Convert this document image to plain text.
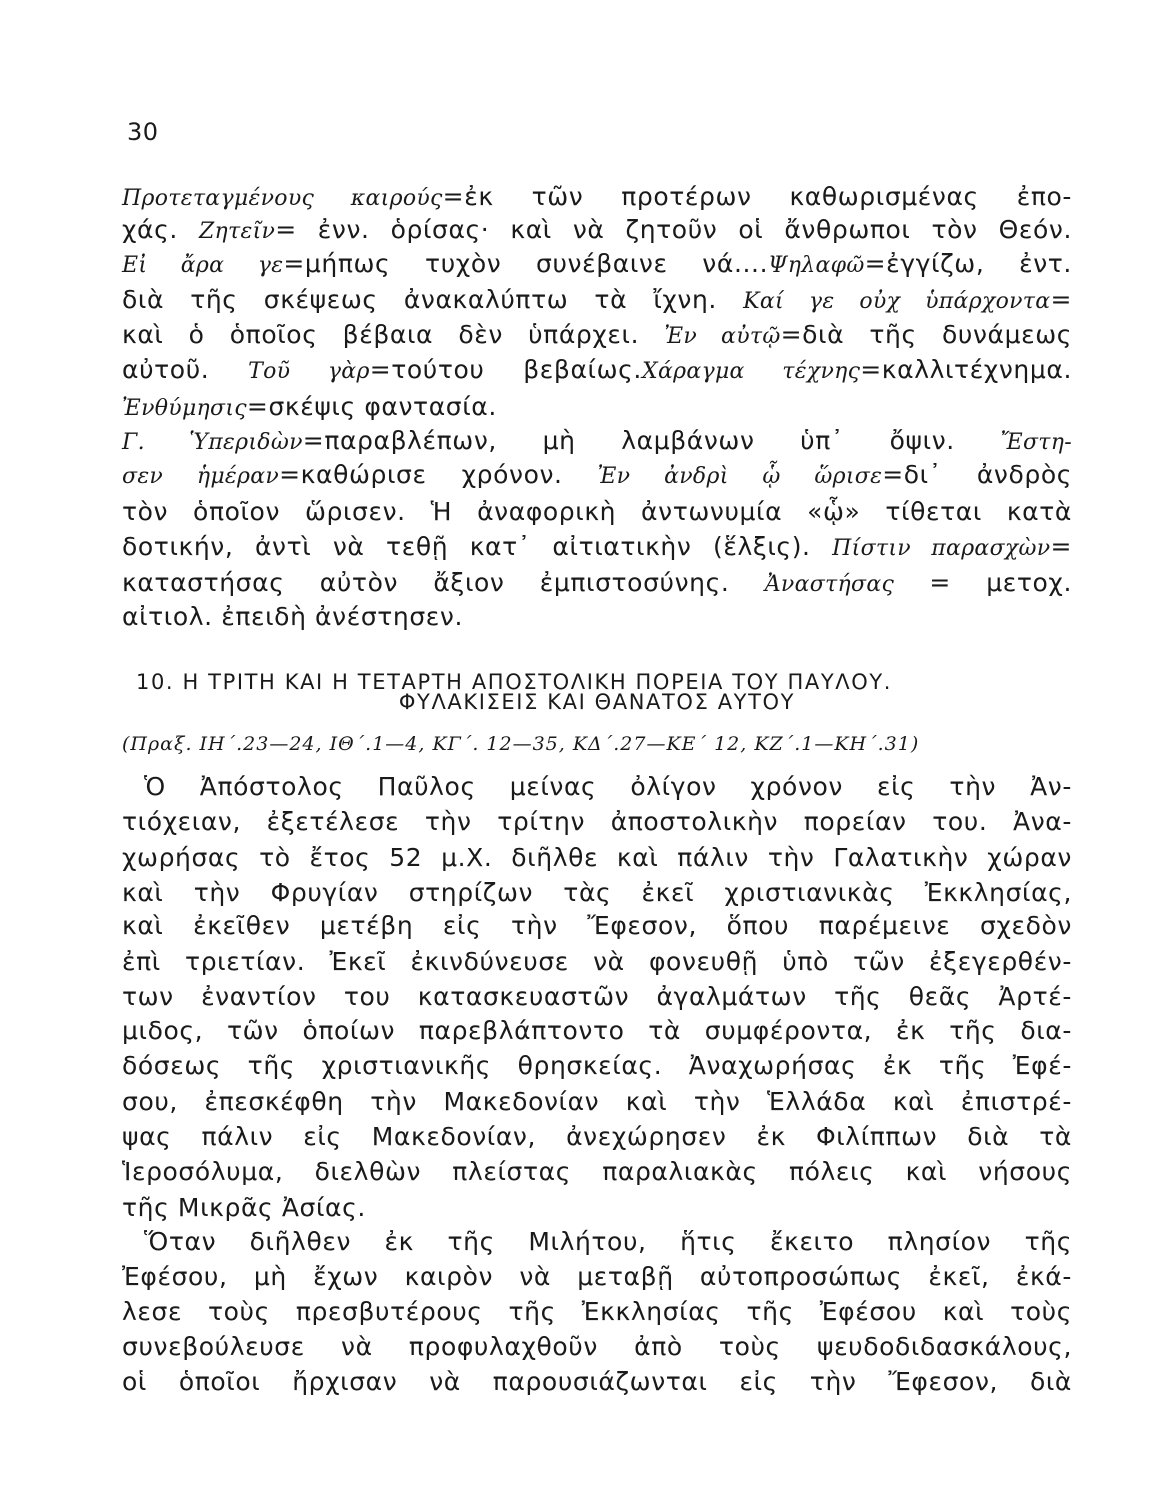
30
Προτεταγμένους καιρούς=ἐκ τῶν προτέρων καθωρισμένας ἐπο-
χάς. Ζητεῖν= ἐνν. ὁρίσας· καὶ νὰ ζητοῦν οἱ ἄνθρωποι τὸν Θεόν.
Εἰ ἄρα γε=μήπως τυχὸν συνέβαινε νά....Ψηλαφῶ=ἐγγίζω, ἐντ.
διὰ τῆς σκέψεως ἀνακαλύπτω τὰ ἴχνη. Καί γε οὐχ ὑπάρχοντα=
καὶ ὁ ὁποῖος βέβαια δὲν ὑπάρχει. Ἐν αὐτῷ=διὰ τῆς δυνάμεως
αὐτοῦ. Τοῦ γὰρ=τούτου βεβαίως.Χάραγμα τέχνης=καλλιτέχνημα.
Ἐνθύμησις=σκέψις φαντασία.
Γ. Ὑπεριδὼν=παραβλέπων, μὴ λαμβάνων ὑπ᾽ ὄψιν. Ἔστη-
σεν ἡμέραν=καθώρισε χρόνον. Ἐν ἀνδρὶ ᾧ ὥρισε=δι᾽ ἀνδρὸς
τὸν ὁποῖον ὥρισεν. Ἡ ἀναφορικὴ ἀντωνυμία «ᾧ» τίθεται κατὰ
δοτικήν, ἀντὶ νὰ τεθῇ κατ᾽ αἰτιατικὴν (ἕλξις). Πίστιν παρασχὼν=
καταστήσας αὐτὸν ἄξιον ἐμπιστοσύνης. Ἀναστήσας = μετοχ.
αἰτιολ. ἐπειδὴ ἀνέστησεν.
10. Η ΤΡΙΤΗ ΚΑΙ Η ΤΕΤΑΡΤΗ ΑΠΟΣΤΟΛΙΚΗ ΠΟΡΕΙΑ ΤΟΥ ΠΑΥΛΟΥ.
ΦΥΛΑΚΙΣΕΙΣ ΚΑΙ ΘΑΝΑΤΟΣ ΑΥΤΟΥ
(Πραξ. ΙΗ΄.23—24, ΙΘ΄.1—4, ΚΓ΄. 12—35, ΚΔ΄.27—ΚΕ΄ 12, ΚΖ΄.1—ΚΗ΄.31)
Ὁ Ἀπόστολος Παῦλος μείνας ὀλίγον χρόνον εἰς τὴν Ἀν-
τιόχειαν, ἐξετέλεσε τὴν τρίτην ἀποστολικὴν πορείαν του. Ἀνα-
χωρήσας τὸ ἔτος 52 μ.Χ. διῆλθε καὶ πάλιν τὴν Γαλατικὴν χώραν
καὶ τὴν Φρυγίαν στηρίζων τὰς ἐκεῖ χριστιανικὰς Ἐκκλησίας,
καὶ ἐκεῖθεν μετέβη εἰς τὴν Ἔφεσον, ὅπου παρέμεινε σχεδὸν
ἐπὶ τριετίαν. Ἐκεῖ ἐκινδύνευσε νὰ φονευθῇ ὑπὸ τῶν ἐξεγερθέν-
των ἐναντίον του κατασκευαστῶν ἀγαλμάτων τῆς θεᾶς Ἀρτέ-
μιδος, τῶν ὁποίων παρεβλάπτοντο τὰ συμφέροντα, ἐκ τῆς δια-
δόσεως τῆς χριστιανικῆς θρησκείας. Ἀναχωρήσας ἐκ τῆς Ἐφέ-
σου, ἐπεσκέφθη τὴν Μακεδονίαν καὶ τὴν Ἑλλάδα καὶ ἐπιστρέ-
ψας πάλιν εἰς Μακεδονίαν, ἀνεχώρησεν ἐκ Φιλίππων διὰ τὰ
Ἱεροσόλυμα, διελθὼν πλείστας παραλιακὰς πόλεις καὶ νήσους
τῆς Μικρᾶς Ἀσίας.
Ὅταν διῆλθεν ἐκ τῆς Μιλήτου, ἥτις ἔκειτο πλησίον τῆς
Ἐφέσου, μὴ ἔχων καιρὸν νὰ μεταβῇ αὐτοπροσώπως ἐκεῖ, ἐκά-
λεσε τοὺς πρεσβυτέρους τῆς Ἐκκλησίας τῆς Ἐφέσου καὶ τοὺς
συνεβούλευσε νὰ προφυλαχθοῦν ἀπὸ τοὺς ψευδοδιδασκάλους,
οἱ ὁποῖοι ἤρχισαν νὰ παρουσιάζωνται εἰς τὴν Ἔφεσον, διὰ
